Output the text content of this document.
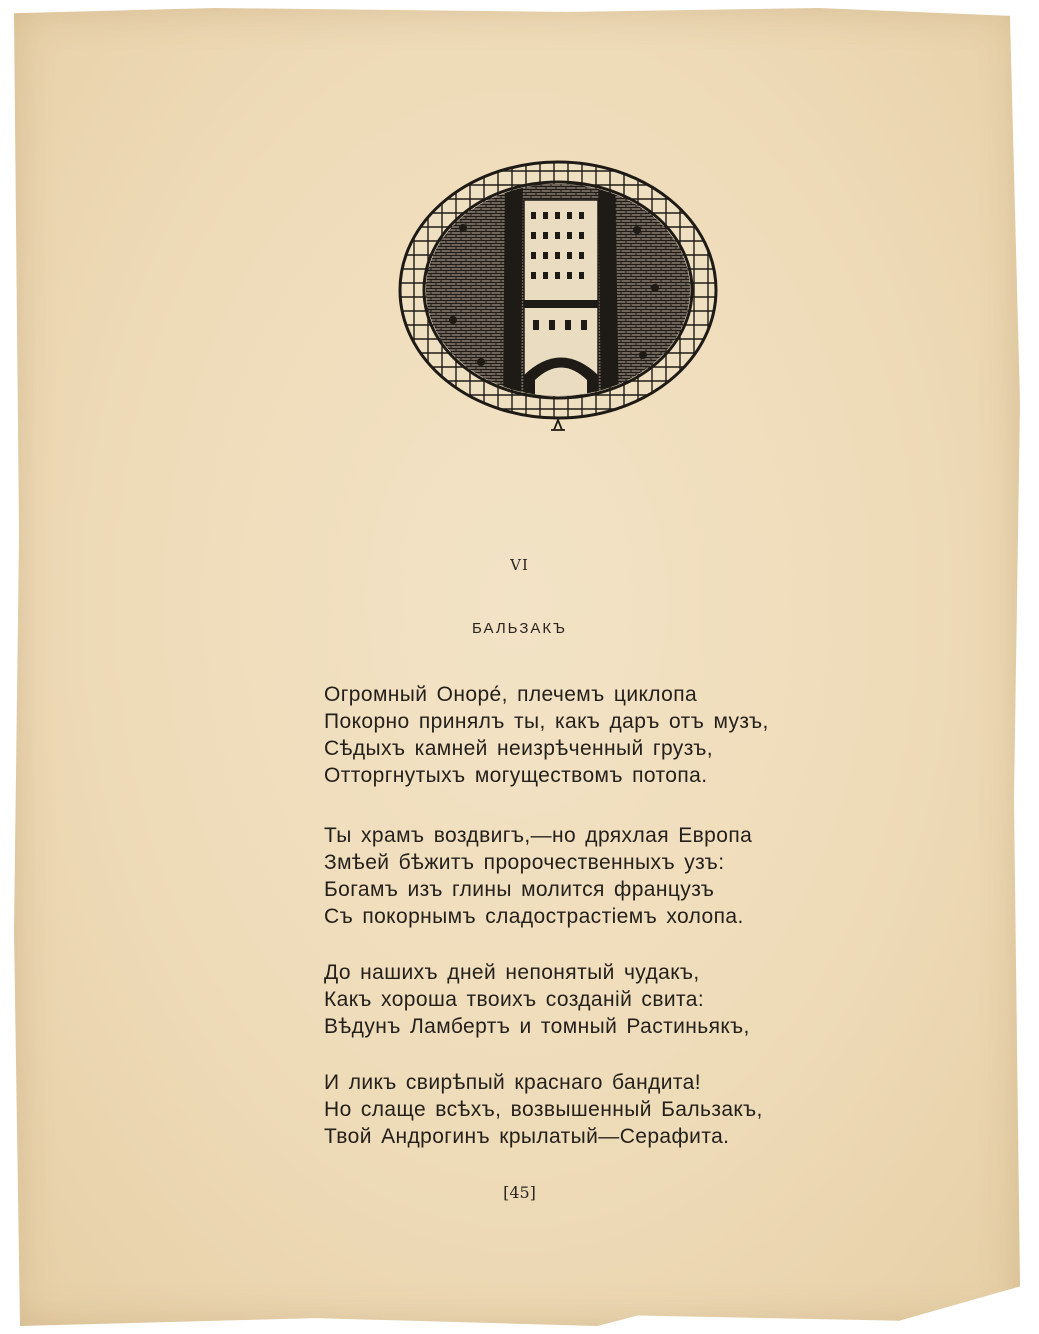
VI
БАЛЬЗАКЪ
Огромный Оноре́, плечемъ циклопа
Покорно принялъ ты, какъ даръ отъ музъ,
Сѣдыхъ камней неизрѣченный грузъ,
Отторгнутыхъ могуществомъ потопа.
Ты храмъ воздвигъ,—но дряхлая Европа
Змѣей бѣжитъ пророчественныхъ узъ:
Богамъ изъ глины молится французъ
Съ покорнымъ сладострастіемъ холопа.
До нашихъ дней непонятый чудакъ,
Какъ хороша твоихъ созданій свита:
Вѣдунъ Ламбертъ и томный Растиньякъ,
И ликъ свирѣпый краснаго бандита!
Но слаще всѣхъ, возвышенный Бальзакъ,
Твой Андрогинъ крылатый—Серафита.
[45]
